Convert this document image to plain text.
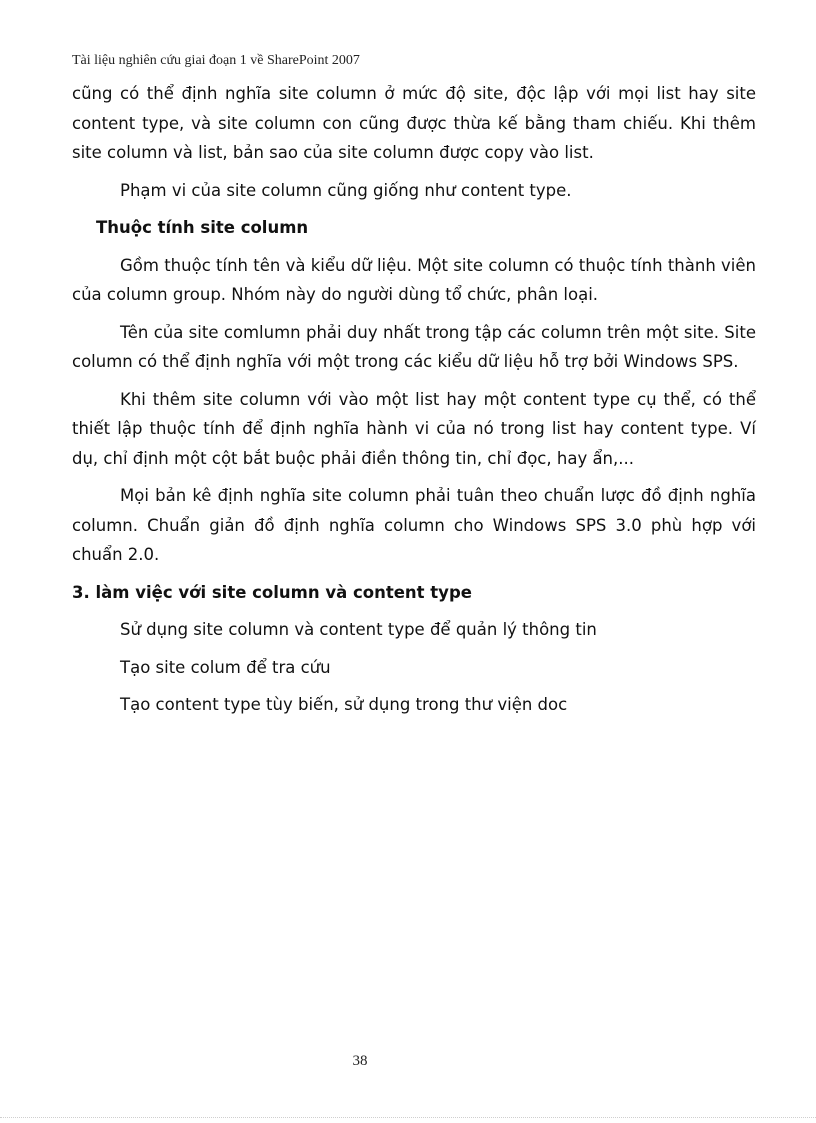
Tài liệu nghiên cứu giai đoạn 1 về SharePoint 2007

cũng có thể định nghĩa site column ở mức độ site, độc lập với mọi list hay site content type, và site column con cũng được thừa kế bằng tham chiếu. Khi thêm site column và list, bản sao của site column được copy vào list.

Phạm vi của site column cũng giống như content type.

Thuộc tính site column

Gồm thuộc tính tên và kiểu dữ liệu. Một site column có thuộc tính thành viên của column group. Nhóm này do người dùng tổ chức, phân loại.

Tên của site comlumn phải duy nhất trong tập các column trên một site. Site column có thể định nghĩa với một trong các kiểu dữ liệu hỗ trợ bởi Windows SPS.

Khi thêm site column với vào một list hay một content type cụ thể, có thể thiết lập thuộc tính để định nghĩa hành vi của nó trong list hay content type. Ví dụ, chỉ định một cột bắt buộc phải điền thông tin, chỉ đọc, hay ẩn,...

Mọi bản kê định nghĩa site column phải tuân theo chuẩn lược đồ định nghĩa column. Chuẩn giản đồ định nghĩa column cho Windows SPS 3.0 phù hợp với chuẩn 2.0.

3. làm việc với site column và content type

Sử dụng site column và content type để quản lý thông tin

Tạo site colum để tra cứu

Tạo content type tùy biến, sử dụng trong thư viện doc

38
